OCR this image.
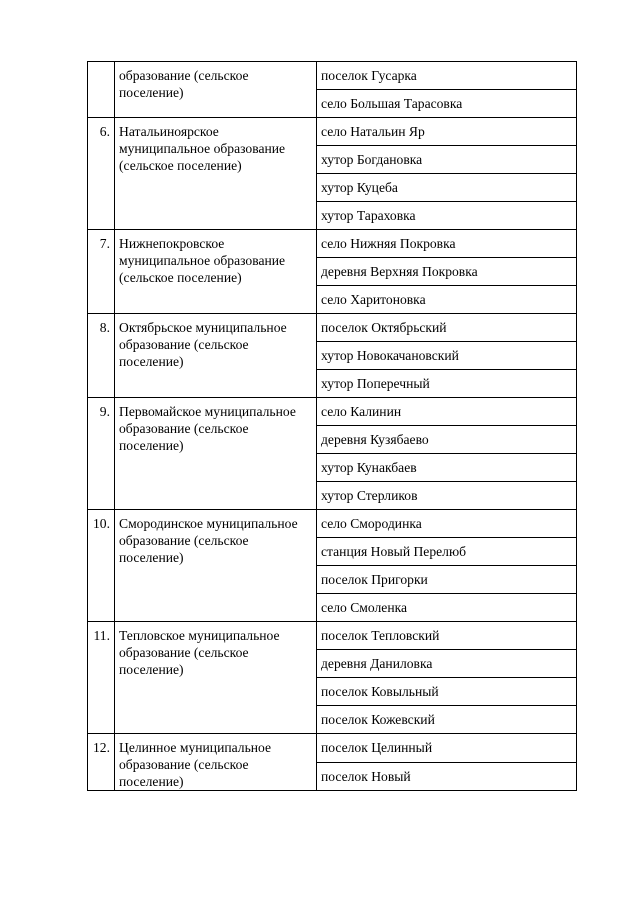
	образование (сельское поселение)	поселок Гусарка
		село Большая Тарасовка
6.	Натальиноярское муниципальное образование (сельское поселение)	село Натальин Яр
		хутор Богдановка
		хутор Куцеба
		хутор Тараховка
7.	Нижнепокровское муниципальное образование (сельское поселение)	село Нижняя Покровка
		деревня Верхняя Покровка
		село Харитоновка
8.	Октябрьское муниципальное образование (сельское поселение)	поселок Октябрьский
		хутор Новокачановский
		хутор Поперечный
9.	Первомайское муниципальное образование (сельское поселение)	село Калинин
		деревня Кузябаево
		хутор Кунакбаев
		хутор Стерликов
10.	Смородинское муниципальное образование (сельское поселение)	село Смородинка
		станция Новый Перелюб
		поселок Пригорки
		село Смоленка
11.	Тепловское муниципальное образование (сельское поселение)	поселок Тепловский
		деревня Даниловка
		поселок Ковыльный
		поселок Кожевский
12.	Целинное муниципальное образование (сельское поселение)	поселок Целинный
		поселок Новый
